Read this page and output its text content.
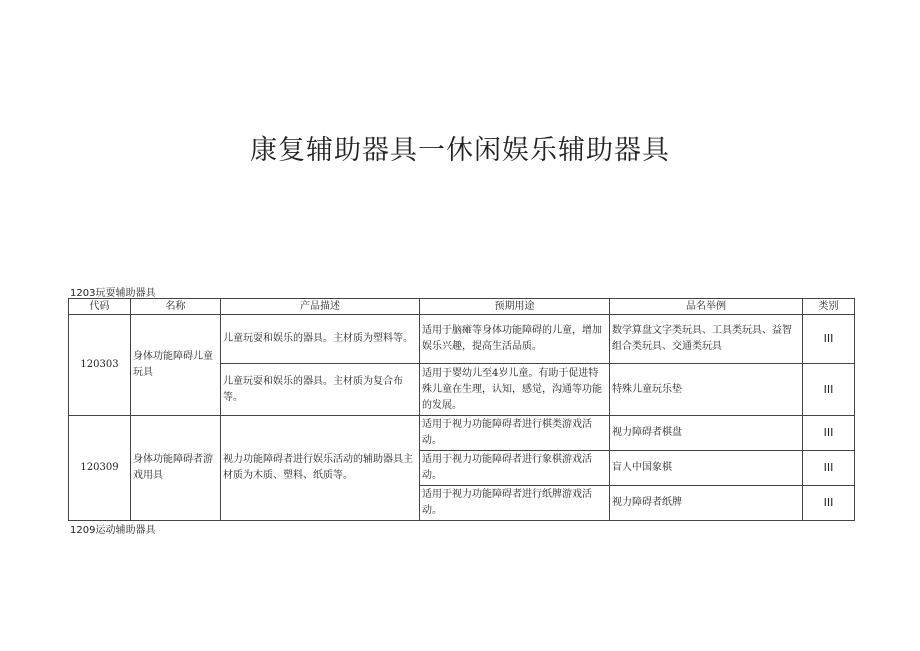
康复辅助器具一休闲娱乐辅助器具
1203玩耍辅助器具
代码	名称	产品描述	预期用途	品名举例	类别
120303	身体功能障碍儿童玩具	儿童玩耍和娱乐的器具。主材质为塑料等。	适用于脑瘫等身体功能障碍的儿童，增加娱乐兴趣，提高生活品质。	数学算盘文字类玩具、工具类玩具、益智组合类玩具、交通类玩具	III
		儿童玩耍和娱乐的器具。主材质为复合布等。	适用于婴幼儿至4岁儿童。有助于促进特殊儿童在生理，认知，感觉，沟通等功能的发展。	特殊儿童玩乐垫	III
120309	身体功能障碍者游戏用具	视力功能障碍者进行娱乐活动的辅助器具主材质为木质、塑料、纸质等。	适用于视力功能障碍者进行棋类游戏活动。	视力障碍者棋盘	III
			适用于视力功能障碍者进行象棋游戏活动。	盲人中国象棋	III
			适用于视力功能障碍者进行纸牌游戏活动。	视力障碍者纸牌	III
1209运动辅助器具
